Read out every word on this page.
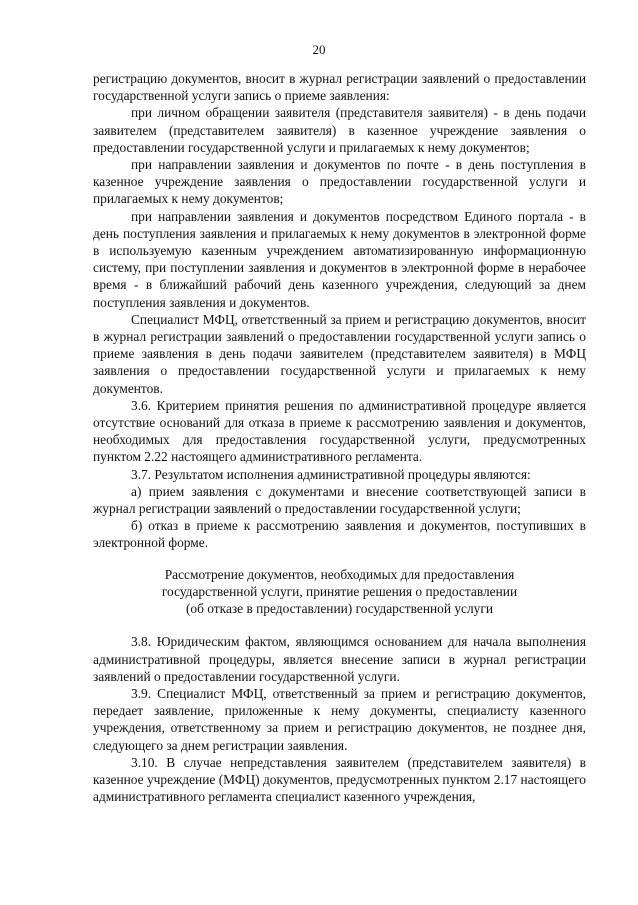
20

регистрацию документов, вносит в журнал регистрации заявлений о предоставлении государственной услуги запись о приеме заявления:

при личном обращении заявителя (представителя заявителя) - в день подачи заявителем (представителем заявителя) в казенное учреждение заявления о предоставлении государственной услуги и прилагаемых к нему документов;

при направлении заявления и документов по почте - в день поступления в казенное учреждение заявления о предоставлении государственной услуги и прилагаемых к нему документов;

при направлении заявления и документов посредством Единого портала - в день поступления заявления и прилагаемых к нему документов в электронной форме в используемую казенным учреждением автоматизированную информационную систему, при поступлении заявления и документов в электронной форме в нерабочее время - в ближайший рабочий день казенного учреждения, следующий за днем поступления заявления и документов.

Специалист МФЦ, ответственный за прием и регистрацию документов, вносит в журнал регистрации заявлений о предоставлении государственной услуги запись о приеме заявления в день подачи заявителем (представителем заявителя) в МФЦ заявления о предоставлении государственной услуги и прилагаемых к нему документов.

3.6. Критерием принятия решения по административной процедуре является отсутствие оснований для отказа в приеме к рассмотрению заявления и документов, необходимых для предоставления государственной услуги, предусмотренных пунктом 2.22 настоящего административного регламента.

3.7. Результатом исполнения административной процедуры являются:

а) прием заявления с документами и внесение соответствующей записи в журнал регистрации заявлений о предоставлении государственной услуги;

б) отказ в приеме к рассмотрению заявления и документов, поступивших в электронной форме.

Рассмотрение документов, необходимых для предоставления
государственной услуги, принятие решения о предоставлении
(об отказе в предоставлении) государственной услуги

3.8. Юридическим фактом, являющимся основанием для начала выполнения административной процедуры, является внесение записи в журнал регистрации заявлений о предоставлении государственной услуги.

3.9. Специалист МФЦ, ответственный за прием и регистрацию документов, передает заявление, приложенные к нему документы, специалисту казенного учреждения, ответственному за прием и регистрацию документов, не позднее дня, следующего за днем регистрации заявления.

3.10. В случае непредставления заявителем (представителем заявителя) в казенное учреждение (МФЦ) документов, предусмотренных пунктом 2.17 настоящего административного регламента специалист казенного учреждения,
